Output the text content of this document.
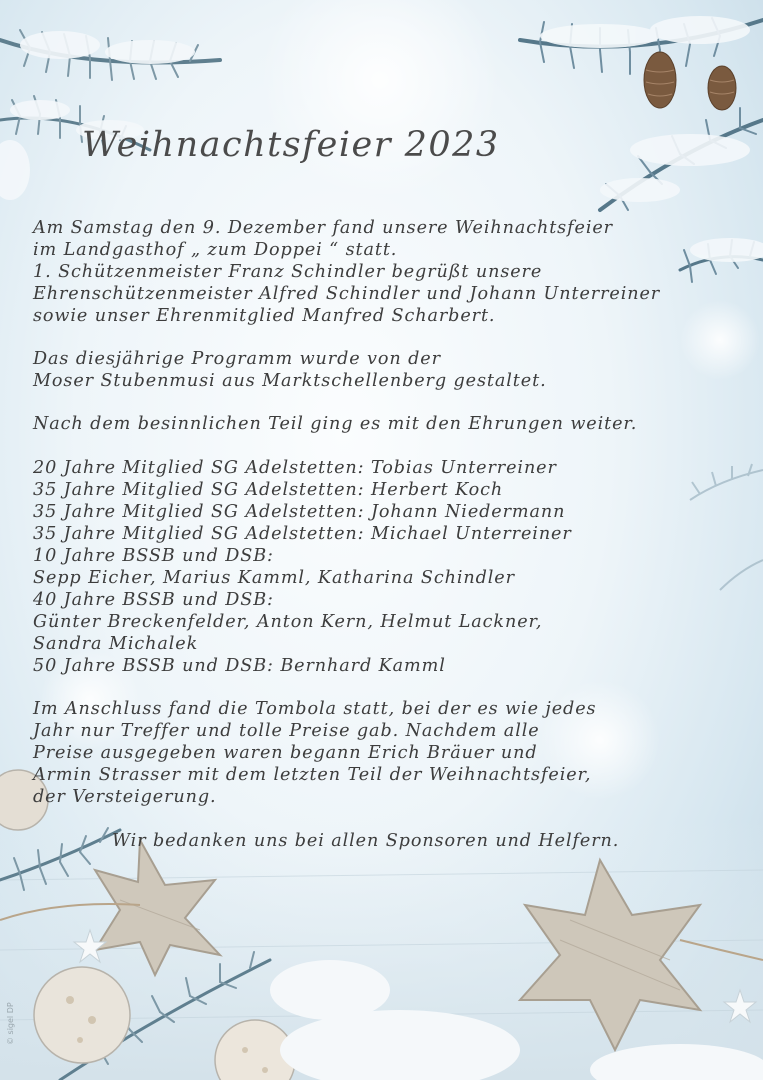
Weihnachtsfeier 2023
Am Samstag den 9. Dezember fand unsere Weihnachtsfeier
im Landgasthof „ zum Doppei “ statt.
1. Schützenmeister Franz Schindler begrüßt unsere
Ehrenschützenmeister Alfred Schindler und Johann Unterreiner
sowie unser Ehrenmitglied Manfred Scharbert.
Das diesjährige Programm wurde von der
Moser Stubenmusi aus Marktschellenberg gestaltet.
Nach dem besinnlichen Teil ging es mit den Ehrungen weiter.
20 Jahre Mitglied SG Adelstetten: Tobias Unterreiner
35 Jahre Mitglied SG Adelstetten: Herbert Koch
35 Jahre Mitglied SG Adelstetten: Johann Niedermann
35 Jahre Mitglied SG Adelstetten: Michael Unterreiner
10 Jahre BSSB und DSB:
Sepp Eicher, Marius Kamml, Katharina Schindler
40 Jahre BSSB und DSB:
Günter Breckenfelder, Anton Kern, Helmut Lackner,
Sandra Michalek
50 Jahre BSSB und DSB: Bernhard Kamml
Im Anschluss fand die Tombola statt, bei der es wie jedes
Jahr nur Treffer und tolle Preise gab. Nachdem alle
Preise ausgegeben waren begann Erich Bräuer und
Armin Strasser mit dem letzten Teil der Weihnachtsfeier,
der Versteigerung.
Wir bedanken uns bei allen Sponsoren und Helfern.
© sigel DP
